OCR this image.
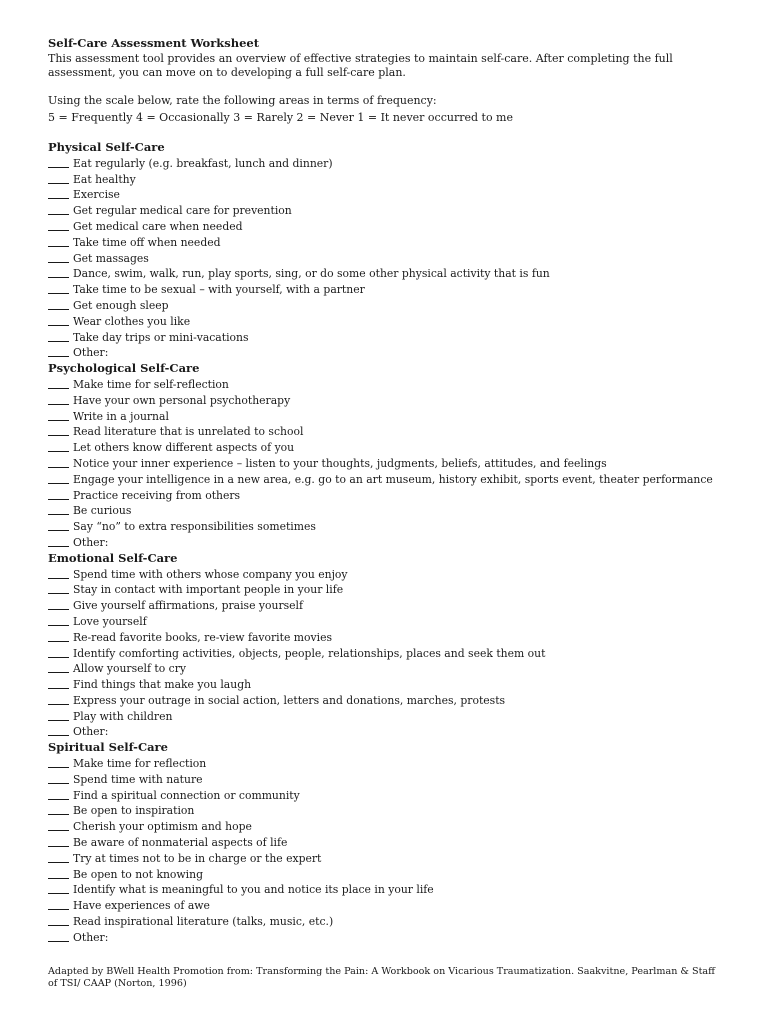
Self-Care Assessment Worksheet

This assessment tool provides an overview of effective strategies to maintain self-care. After completing the full assessment, you can move on to developing a full self-care plan.

Using the scale below, rate the following areas in terms of frequency:

5 = Frequently 4 = Occasionally 3 = Rarely 2 = Never 1 = It never occurred to me

Physical Self-Care
Eat regularly (e.g. breakfast, lunch and dinner)
Eat healthy
Exercise
Get regular medical care for prevention
Get medical care when needed
Take time off when needed
Get massages
Dance, swim, walk, run, play sports, sing, or do some other physical activity that is fun
Take time to be sexual – with yourself, with a partner
Get enough sleep
Wear clothes you like
Take day trips or mini-vacations
Other:
Psychological Self-Care
Make time for self-reflection
Have your own personal psychotherapy
Write in a journal
Read literature that is unrelated to school
Let others know different aspects of you
Notice your inner experience – listen to your thoughts, judgments, beliefs, attitudes, and feelings
Engage your intelligence in a new area, e.g. go to an art museum, history exhibit, sports event, theater performance
Practice receiving from others
Be curious
Say “no” to extra responsibilities sometimes
Other:
Emotional Self-Care
Spend time with others whose company you enjoy
Stay in contact with important people in your life
Give yourself affirmations, praise yourself
Love yourself
Re-read favorite books, re-view favorite movies
Identify comforting activities, objects, people, relationships, places and seek them out
Allow yourself to cry
Find things that make you laugh
Express your outrage in social action, letters and donations, marches, protests
Play with children
Other:
Spiritual Self-Care
Make time for reflection
Spend time with nature
Find a spiritual connection or community
Be open to inspiration
Cherish your optimism and hope
Be aware of nonmaterial aspects of life
Try at times not to be in charge or the expert
Be open to not knowing
Identify what is meaningful to you and notice its place in your life
Have experiences of awe
Read inspirational literature (talks, music, etc.)
Other:
Adapted by BWell Health Promotion from: Transforming the Pain: A Workbook on Vicarious Traumatization. Saakvitne, Pearlman & Staff of TSI/ CAAP (Norton, 1996)
